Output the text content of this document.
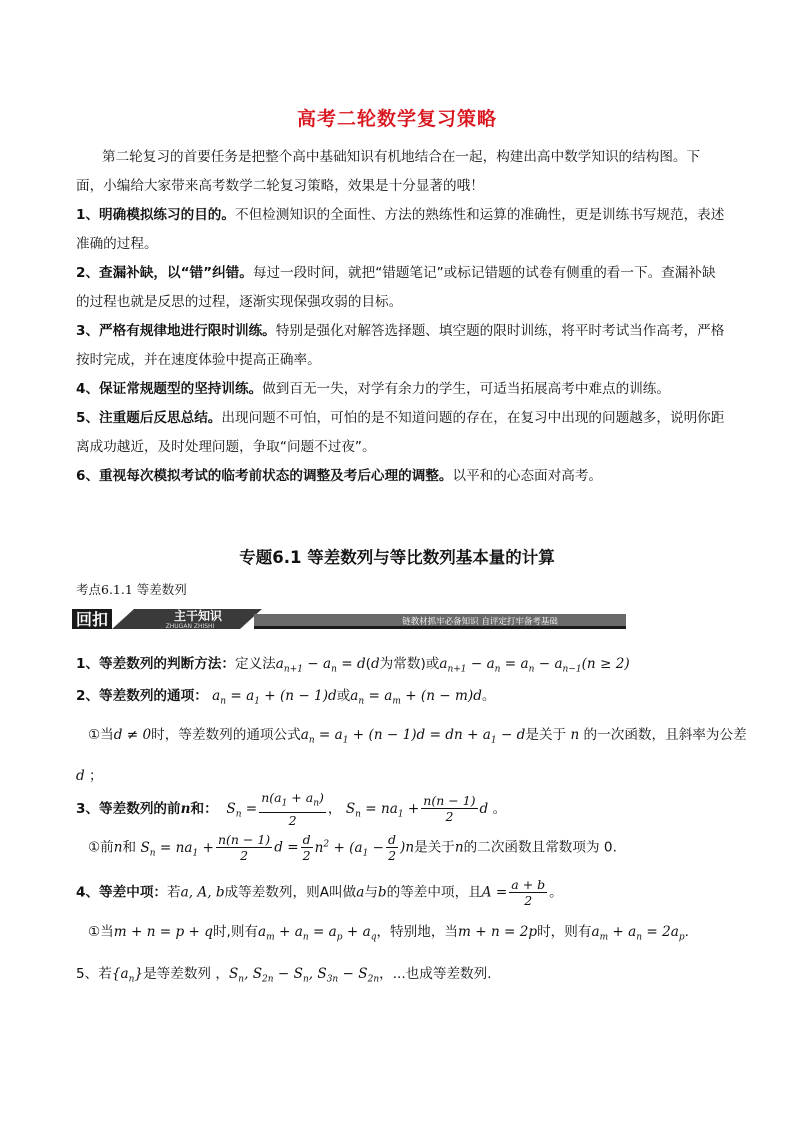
高考二轮数学复习策略
第二轮复习的首要任务是把整个高中基础知识有机地结合在一起，构建出高中数学知识的结构图。下面，小编给大家带来高考数学二轮复习策略，效果是十分显著的哦！
1、明确模拟练习的目的。不但检测知识的全面性、方法的熟练性和运算的准确性，更是训练书写规范，表述准确的过程。
2、查漏补缺，以“错”纠错。每过一段时间，就把“错题笔记”或标记错题的试卷有侧重的看一下。查漏补缺的过程也就是反思的过程，逐渐实现保强攻弱的目标。
3、严格有规律地进行限时训练。特别是强化对解答选择题、填空题的限时训练，将平时考试当作高考，严格按时完成，并在速度体验中提高正确率。
4、保证常规题型的坚持训练。做到百无一失，对学有余力的学生，可适当拓展高考中难点的训练。
5、注重题后反思总结。出现问题不可怕，可怕的是不知道问题的存在，在复习中出现的问题越多，说明你距离成功越近，及时处理问题，争取“问题不过夜”。
6、重视每次模拟考试的临考前状态的调整及考后心理的调整。以平和的心态面对高考。
专题6.1 等差数列与等比数列基本量的计算
考点6.1.1 等差数列
回扣	主干知识
ZHUGAN ZHISHI	链教材抓牢必备知识 自评定打牢备考基础
1、等差数列的判断方法：定义法$a_{n+1} - a_n = d(d$为常数)或$a_{n+1} - a_n = a_n - a_{n-1}(n \ge 2)$
2、等差数列的通项： $a_n = a_1 + (n - 1)d$或$a_n = a_m + (n - m)d$。
①当d ≠ 0时，等差数列的通项公式$a_n = a_1 + (n - 1)d$ = dn + $a_1 - d$是关于 n 的一次函数，且斜率为公差
d ；
3、等差数列的前n和： $S_n = \frac{n(a_1 + a_n)}{2}$ ， $S_n = na_1 + \frac{n(n - 1)}{2}$ d 。
①前n和 $S_n = na_1 + \frac{n(n - 1)}{2}$ $d = \frac{d}{2} n^2 + (a_1 - \frac{d}{2} )n$是关于n的二次函数且常数项为 0.
4、等差中项：若a, A, b成等差数列，则A叫做a与b的等差中项，且$A = \frac{a + b}{2}$ 。
①当m + n = p + q时,则有$a_m + a_n = a_p + a_q$，特别地，当m + n = 2p时，则有$a_m + a_n = 2a_p$.
5、若$\{a_n\}$是等差数列 ，$S_n$, $S_{2n} - S_n$, $S_{3n} - S_{2n}$，...也成等差数列.
